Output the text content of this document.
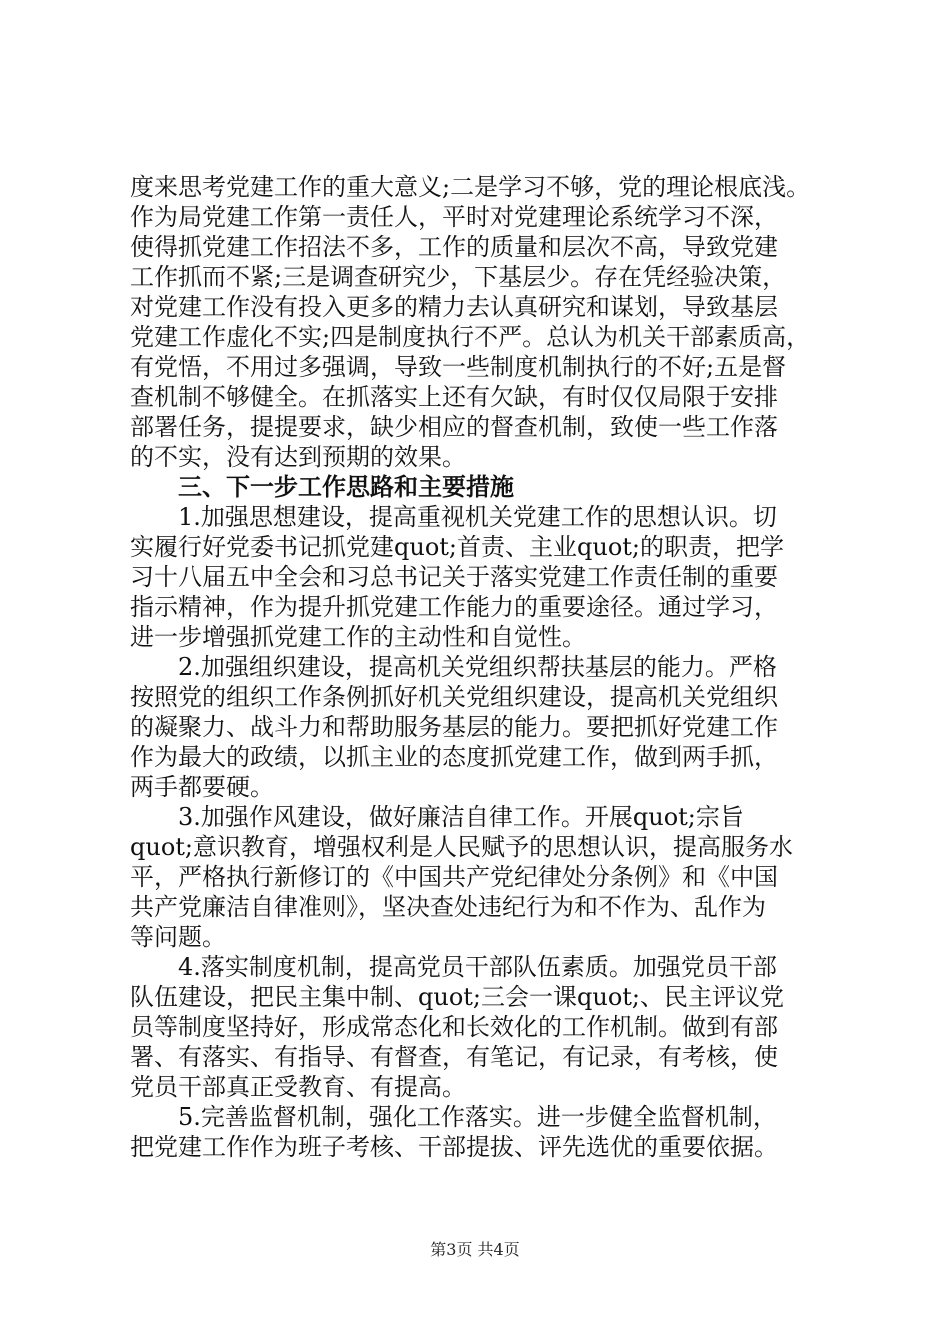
度来思考党建工作的重大意义;二是学习不够，党的理论根底浅。
作为局党建工作第一责任人，平时对党建理论系统学习不深，
使得抓党建工作招法不多，工作的质量和层次不高，导致党建
工作抓而不紧;三是调查研究少，下基层少。存在凭经验决策，
对党建工作没有投入更多的精力去认真研究和谋划，导致基层
党建工作虚化不实;四是制度执行不严。总认为机关干部素质高，
有党悟，不用过多强调，导致一些制度机制执行的不好;五是督
查机制不够健全。在抓落实上还有欠缺，有时仅仅局限于安排
部署任务，提提要求，缺少相应的督查机制，致使一些工作落
的不实，没有达到预期的效果。
三、下一步工作思路和主要措施
1.加强思想建设，提高重视机关党建工作的思想认识。切
实履行好党委书记抓党建quot;首责、主业quot;的职责，把学
习十八届五中全会和习总书记关于落实党建工作责任制的重要
指示精神，作为提升抓党建工作能力的重要途径。通过学习，
进一步增强抓党建工作的主动性和自觉性。
2.加强组织建设，提高机关党组织帮扶基层的能力。严格
按照党的组织工作条例抓好机关党组织建设，提高机关党组织
的凝聚力、战斗力和帮助服务基层的能力。要把抓好党建工作
作为最大的政绩，以抓主业的态度抓党建工作，做到两手抓，
两手都要硬。
3.加强作风建设，做好廉洁自律工作。开展quot;宗旨
quot;意识教育，增强权利是人民赋予的思想认识，提高服务水
平，严格执行新修订的《中国共产党纪律处分条例》和《中国
共产党廉洁自律准则》，坚决查处违纪行为和不作为、乱作为
等问题。
4.落实制度机制，提高党员干部队伍素质。加强党员干部
队伍建设，把民主集中制、quot;三会一课quot;、民主评议党
员等制度坚持好，形成常态化和长效化的工作机制。做到有部
署、有落实、有指导、有督查，有笔记，有记录，有考核，使
党员干部真正受教育、有提高。
5.完善监督机制，强化工作落实。进一步健全监督机制，
把党建工作作为班子考核、干部提拔、评先选优的重要依据。
第3页 共4页
